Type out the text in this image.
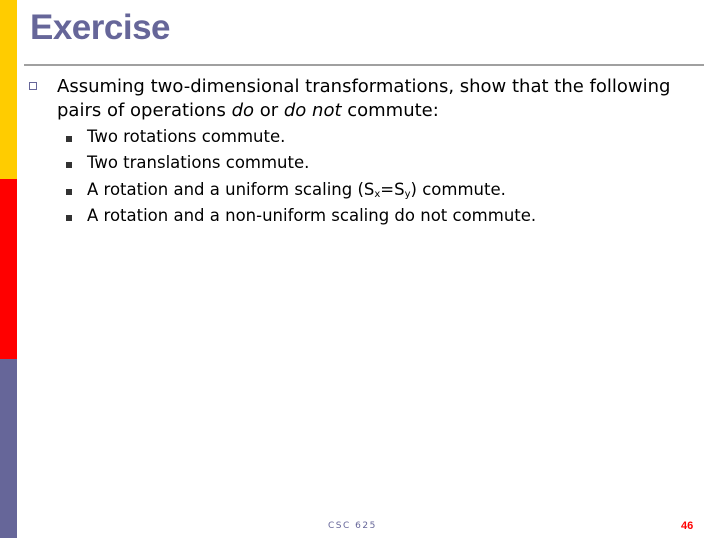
Exercise
Assuming two-dimensional transformations, show that the following pairs of operations do or do not commute:
Two rotations commute.
Two translations commute.
A rotation and a uniform scaling $(S_x=S_y)$ commute.
A rotation and a non-uniform scaling do not commute.
CSC 625	46
